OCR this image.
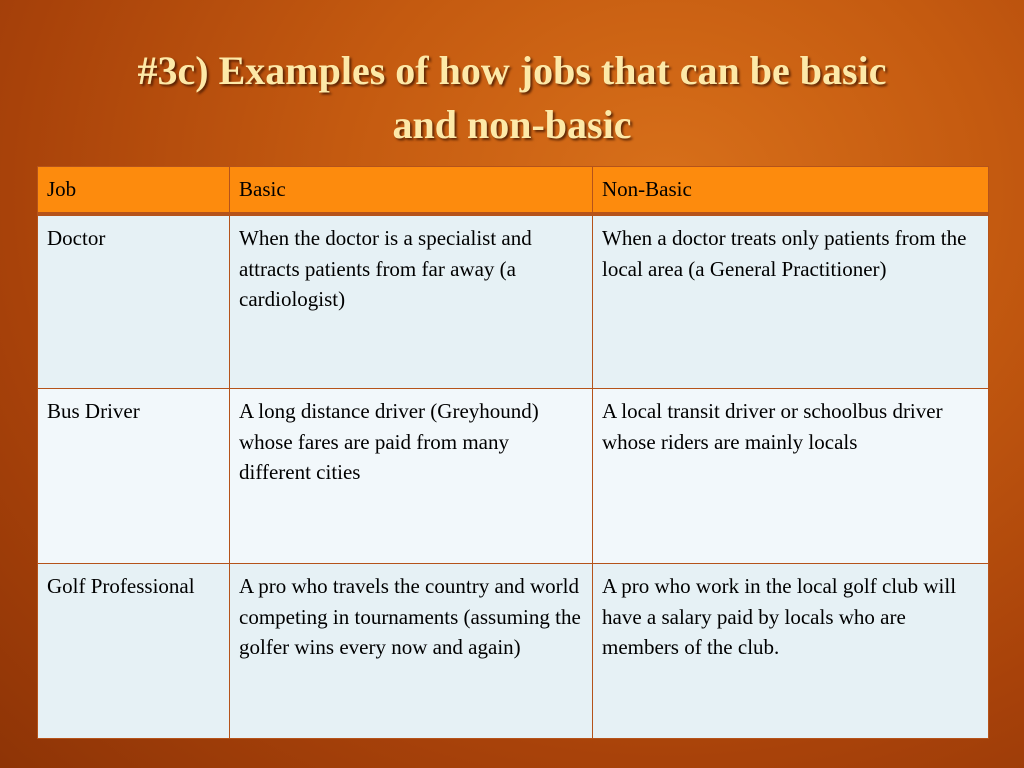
#3c) Examples of how jobs that can be basic
and non-basic
Job	Basic	Non-Basic
Doctor	When the doctor is a specialist and attracts patients from far away (a cardiologist)	When a doctor treats only patients from the local area (a General Practitioner)
Bus Driver	A long distance driver (Greyhound) whose fares are paid from many different cities	A local transit driver or schoolbus driver whose riders are mainly locals
Golf Professional	A pro who travels the country and world competing in tournaments (assuming the golfer wins every now and again)	A pro who work in the local golf club will have a salary paid by locals who are members of the club.
